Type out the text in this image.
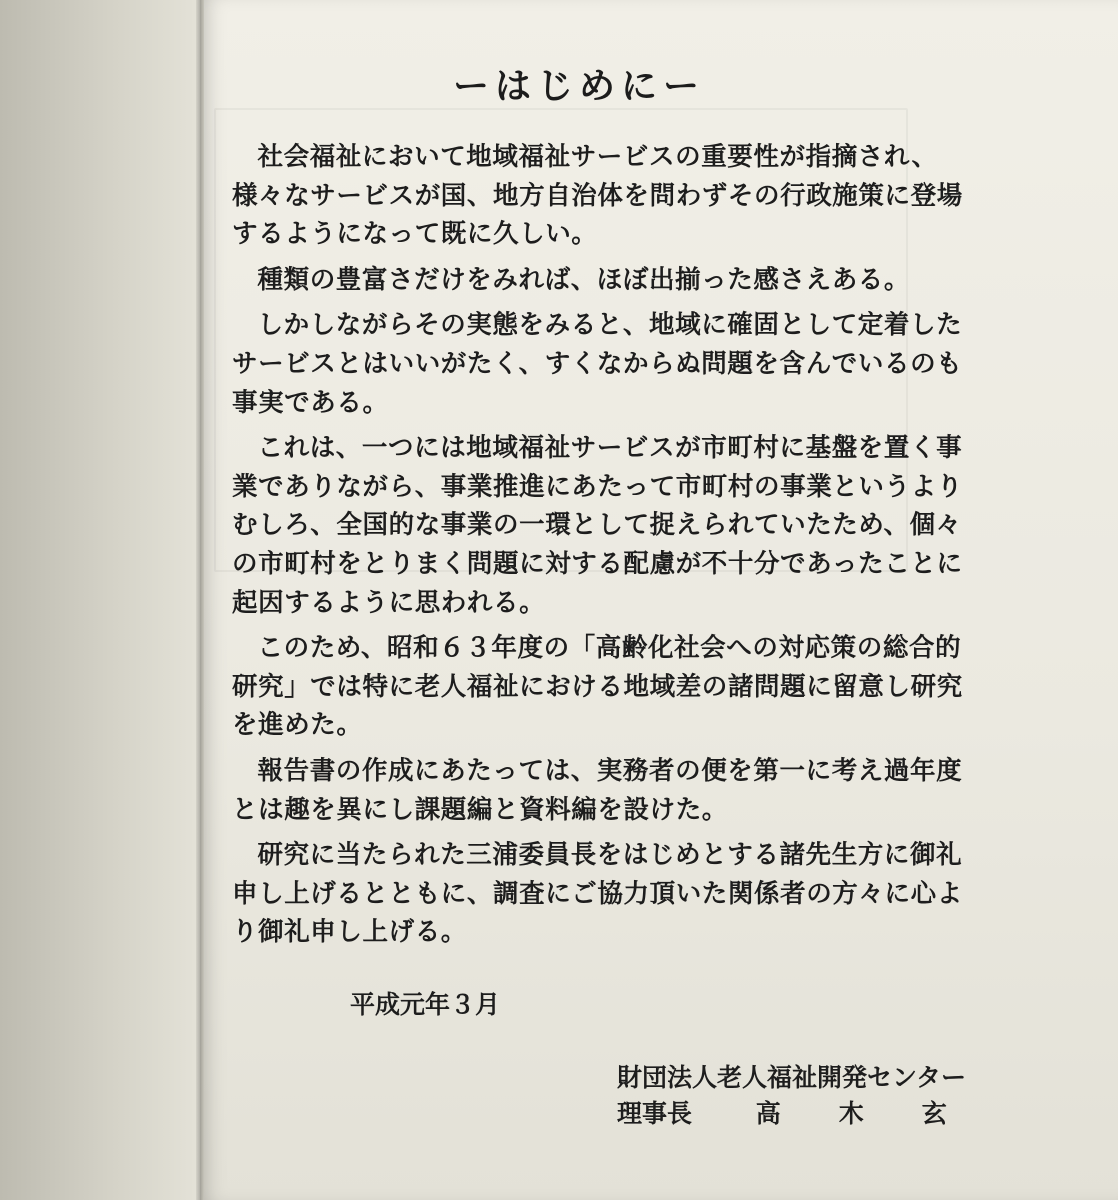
ーはじめにー

社会福祉において地域福祉サービスの重要性が指摘され、様々なサービスが国、地方自治体を問わずその行政施策に登場するようになって既に久しい。

種類の豊富さだけをみれば、ほぼ出揃った感さえある。

しかしながらその実態をみると、地域に確固として定着したサービスとはいいがたく、すくなからぬ問題を含んでいるのも事実である。

これは、一つには地域福祉サービスが市町村に基盤を置く事業でありながら、事業推進にあたって市町村の事業というよりむしろ、全国的な事業の一環として捉えられていたため、個々の市町村をとりまく問題に対する配慮が不十分であったことに起因するように思われる。

このため、昭和６３年度の「高齢化社会への対応策の総合的研究」では特に老人福祉における地域差の諸問題に留意し研究を進めた。

報告書の作成にあたっては、実務者の便を第一に考え過年度とは趣を異にし課題編と資料編を設けた。

研究に当たられた三浦委員長をはじめとする諸先生方に御礼申し上げるとともに、調査にご協力頂いた関係者の方々に心より御礼申し上げる。

平成元年３月
財団法人老人福祉開発センター
理事長	高木玄
